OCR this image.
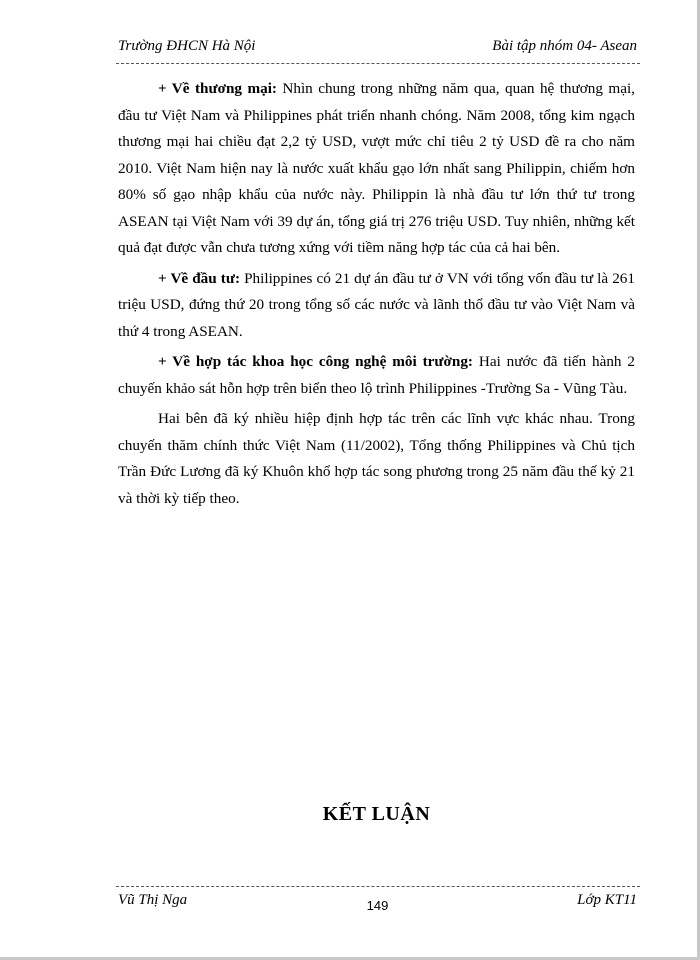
Trường ĐHCN Hà Nội	Bài tập nhóm 04- Asean

+ Về thương mại: Nhìn chung trong những năm qua, quan hệ thương mại, đầu tư Việt Nam và Philippines phát triển nhanh chóng. Năm 2008, tổng kim ngạch thương mại hai chiều đạt 2,2 tỷ USD, vượt mức chỉ tiêu 2 tỷ USD đề ra cho năm 2010. Việt Nam hiện nay là nước xuất khẩu gạo lớn nhất sang Philippin, chiếm hơn 80% số gạo nhập khẩu của nước này. Philippin là nhà đầu tư lớn thứ tư trong ASEAN tại Việt Nam với 39 dự án, tổng giá trị 276 triệu USD. Tuy nhiên, những kết quả đạt được vẫn chưa tương xứng với tiềm năng hợp tác của cả hai bên.

+ Về đầu tư: Philippines có 21 dự án đầu tư ở VN với tổng vốn đầu tư là 261 triệu USD, đứng thứ 20 trong tổng số các nước và lãnh thổ đầu tư vào Việt Nam và thứ 4 trong ASEAN.

+ Về hợp tác khoa học công nghệ môi trường: Hai nước đã tiến hành 2 chuyến khảo sát hỗn hợp trên biển theo lộ trình Philippines -Trường Sa - Vũng Tàu.

Hai bên đã ký nhiều hiệp định hợp tác trên các lĩnh vực khác nhau. Trong chuyến thăm chính thức Việt Nam (11/2002), Tổng thống Philippines và Chủ tịch Trần Đức Lương đã ký Khuôn khổ hợp tác song phương trong 25 năm đầu thế kỷ 21 và thời kỳ tiếp theo.

KẾT LUẬN
Vũ Thị Nga	149	Lớp KT11
